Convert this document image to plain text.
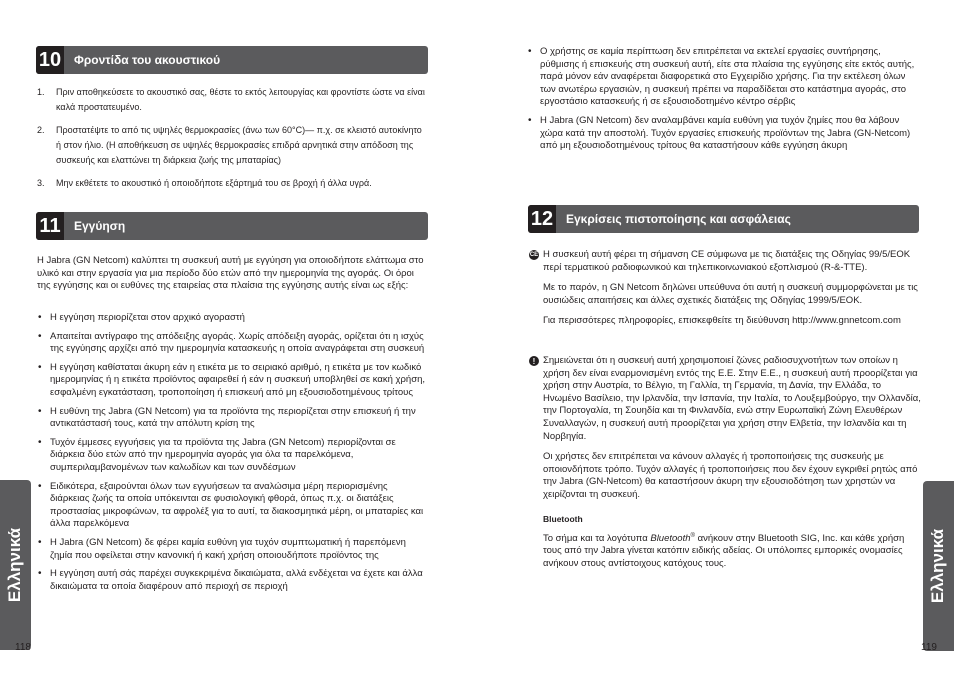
10	Φροντίδα του ακουστικού
1. Πριν αποθηκεύσετε το ακουστικό σας, θέστε το εκτός λειτουργίας και φροντίστε ώστε να είναι καλά προστατευμένο.
2. Προστατέψτε το από τις υψηλές θερμοκρασίες (άνω των 60°C)— π.χ. σε κλειστό αυτοκίνητο ή στον ήλιο. (Η αποθήκευση σε υψηλές θερμοκρασίες επιδρά αρνητικά στην απόδοση της συσκευής και ελαττώνει τη διάρκεια ζωής της μπαταρίας)
3. Μην εκθέτετε το ακουστικό ή οποιοδήποτε εξάρτημά του σε βροχή ή άλλα υγρά.
11	Εγγύηση

Η Jabra (GN Netcom) καλύπτει τη συσκευή αυτή με εγγύηση για οποιοδήποτε ελάττωμα στο υλικό και στην εργασία για μια περίοδο δύο ετών από την ημερομηνία της αγοράς. Οι όροι της εγγύησης και οι ευθύνες της εταιρείας στα πλαίσια της εγγύησης αυτής είναι ως εξής:

• Η εγγύηση περιορίζεται στον αρχικό αγοραστή
• Απαιτείται αντίγραφο της απόδειξης αγοράς. Χωρίς απόδειξη αγοράς, ορίζεται ότι η ισχύς της εγγύησης αρχίζει από την ημερομηνία κατασκευής η οποία αναγράφεται στη συσκευή
• Η εγγύηση καθίσταται άκυρη εάν η ετικέτα με το σειριακό αριθμό, η ετικέτα με τον κωδικό ημερομηνίας ή η ετικέτα προϊόντος αφαιρεθεί ή εάν η συσκευή υποβληθεί σε κακή χρήση, εσφαλμένη εγκατάσταση, τροποποίηση ή επισκευή από μη εξουσιοδοτημένους τρίτους
• Η ευθύνη της Jabra (GN Netcom) για τα προϊόντα της περιορίζεται στην επισκευή ή την αντικατάστασή τους, κατά την απόλυτη κρίση της
• Τυχόν έμμεσες εγγυήσεις για τα προϊόντα της Jabra (GN Netcom) περιορίζονται σε διάρκεια δύο ετών από την ημερομηνία αγοράς για όλα τα παρελκόμενα, συμπεριλαμβανομένων των καλωδίων και των συνδέσμων
• Ειδικότερα, εξαιρούνται όλων των εγγυήσεων τα αναλώσιμα μέρη περιορισμένης διάρκειας ζωής τα οποία υπόκεινται σε φυσιολογική φθορά, όπως π.χ. οι διατάξεις προστασίας μικροφώνων, τα αφρολέξ για το αυτί, τα διακοσμητικά μέρη, οι μπαταρίες και άλλα παρελκόμενα
• Η Jabra (GN Netcom) δε φέρει καμία ευθύνη για τυχόν συμπτωματική ή παρεπόμενη ζημία που οφείλεται στην κανονική ή κακή χρήση οποιουδήποτε προϊόντος της
• Η εγγύηση αυτή σάς παρέχει συγκεκριμένα δικαιώματα, αλλά ενδέχεται να έχετε και άλλα δικαιώματα τα οποία διαφέρουν από περιοχή σε περιοχή
Ελληνικά
118
• Ο χρήστης σε καμία περίπτωση δεν επιτρέπεται να εκτελεί εργασίες συντήρησης, ρύθμισης ή επισκευής στη συσκευή αυτή, είτε στα πλαίσια της εγγύησης είτε εκτός αυτής, παρά μόνον εάν αναφέρεται διαφορετικά στο Εγχειρίδιο χρήσης. Για την εκτέλεση όλων των ανωτέρω εργασιών, η συσκευή πρέπει να παραδίδεται στο κατάστημα αγοράς, στο εργοστάσιο κατασκευής ή σε εξουσιοδοτημένο κέντρο σέρβις
• Η Jabra (GN Netcom) δεν αναλαμβάνει καμία ευθύνη για τυχόν ζημίες που θα λάβουν χώρα κατά την αποστολή. Τυχόν εργασίες επισκευής προϊόντων της Jabra (GN-Netcom) από μη εξουσιοδοτημένους τρίτους θα καταστήσουν κάθε εγγύηση άκυρη
12	Εγκρίσεις πιστοποίησης και ασφάλειας
CE Η συσκευή αυτή φέρει τη σήμανση CE σύμφωνα με τις διατάξεις της Οδηγίας 99/5/ΕΟΚ περί τερματικού ραδιοφωνικού και τηλεπικοινωνιακού εξοπλισμού (R-&-TTE).

Με το παρόν, η GN Netcom δηλώνει υπεύθυνα ότι αυτή η συσκευή συμμορφώνεται με τις ουσιώδεις απαιτήσεις και άλλες σχετικές διατάξεις της Οδηγίας 1999/5/ΕΟΚ.

Για περισσότερες πληροφορίες, επισκεφθείτε τη διεύθυνση http://www.gnnetcom.com

! Σημειώνεται ότι η συσκευή αυτή χρησιμοποιεί ζώνες ραδιοσυχνοτήτων των οποίων η χρήση δεν είναι εναρμονισμένη εντός της Ε.Ε. Στην Ε.Ε., η συσκευή αυτή προορίζεται για χρήση στην Αυστρία, το Βέλγιο, τη Γαλλία, τη Γερμανία, τη Δανία, την Ελλάδα, το Ηνωμένο Βασίλειο, την Ιρλανδία, την Ισπανία, την Ιταλία, το Λουξεμβούργο, την Ολλανδία, την Πορτογαλία, τη Σουηδία και τη Φινλανδία, ενώ στην Ευρωπαϊκή Ζώνη Ελευθέρων Συναλλαγών, η συσκευή αυτή προορίζεται για χρήση στην Ελβετία, την Ισλανδία και τη Νορβηγία.

Οι χρήστες δεν επιτρέπεται να κάνουν αλλαγές ή τροποποιήσεις της συσκευής με οποιονδήποτε τρόπο. Τυχόν αλλαγές ή τροποποιήσεις που δεν έχουν εγκριθεί ρητώς από την Jabra (GN-Netcom) θα καταστήσουν άκυρη την εξουσιοδότηση των χρηστών να χειρίζονται τη συσκευή.

Bluetooth

Το σήμα και τα λογότυπα Bluetooth® ανήκουν στην Bluetooth SIG, Inc. και κάθε χρήση τους από την Jabra γίνεται κατόπιν ειδικής αδείας. Οι υπόλοιπες εμπορικές ονομασίες ανήκουν στους αντίστοιχους κατόχους τους.	Ελληνικά
119
